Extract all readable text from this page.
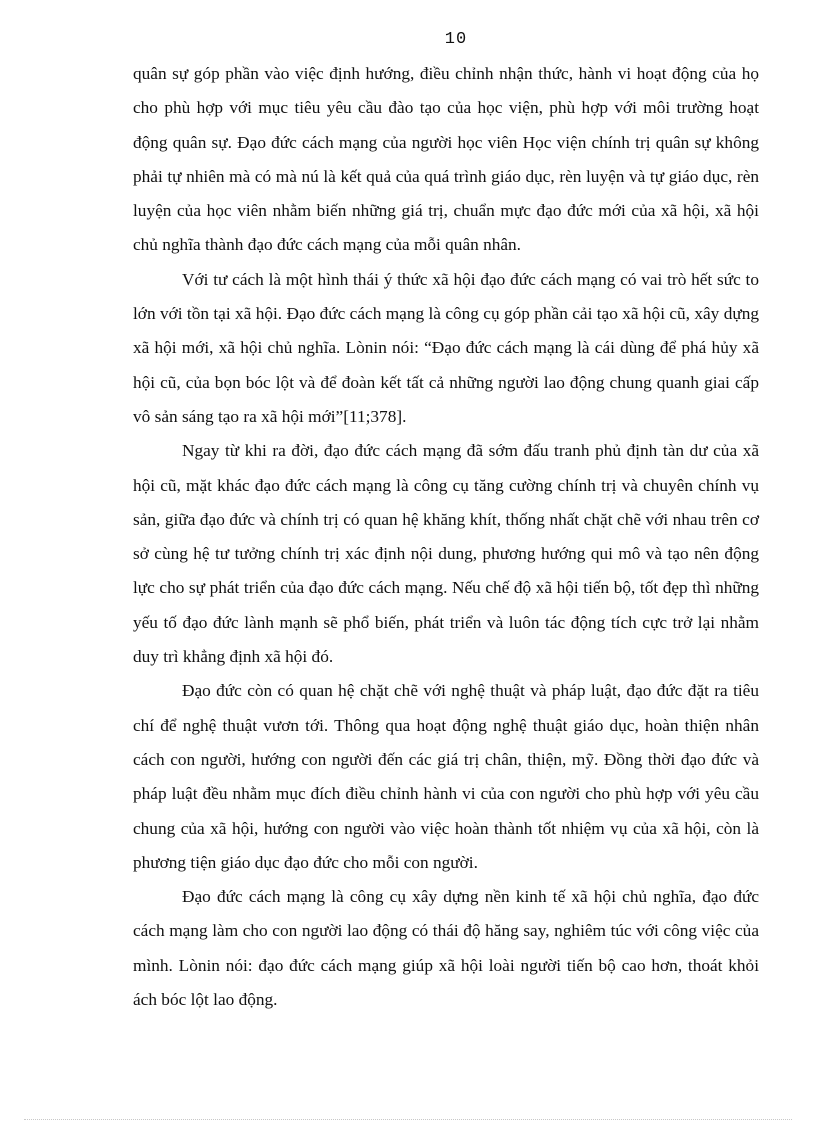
10

quân sự góp phần vào việc định hướng, điều chỉnh nhận thức, hành vi hoạt động của họ cho phù hợp với mục tiêu yêu cầu đào tạo của học viện, phù hợp với môi trường hoạt động quân sự. Đạo đức cách mạng của người học viên Học viện chính trị quân sự không phải tự nhiên mà có mà nú là kết quả của quá trình giáo dục, rèn luyện và tự giáo dục, rèn luyện của học viên nhằm biến những giá trị, chuẩn mực đạo đức mới của xã hội, xã hội chủ nghĩa thành đạo đức cách mạng của mỗi quân nhân.

Với tư cách là một hình thái ý thức xã hội đạo đức cách mạng có vai trò hết sức to lớn với tồn tại xã hội. Đạo đức cách mạng là công cụ góp phần cải tạo xã hội cũ, xây dựng xã hội mới, xã hội chủ nghĩa. Lònin nói: “Đạo đức cách mạng là cái dùng để phá hủy xã hội cũ, của bọn bóc lột và để đoàn kết tất cả những người lao động chung quanh giai cấp vô sản sáng tạo ra xã hội mới”[11;378].

Ngay từ khi ra đời, đạo đức cách mạng đã sớm đấu tranh phủ định tàn dư của xã hội cũ, mặt khác đạo đức cách mạng là công cụ tăng cường chính trị và chuyên chính vụ sản, giữa đạo đức và chính trị có quan hệ khăng khít, thống nhất chặt chẽ với nhau trên cơ sở cùng hệ tư tưởng chính trị xác định nội dung, phương hướng qui mô và tạo nên động lực cho sự phát triển của đạo đức cách mạng. Nếu chế độ xã hội tiến bộ, tốt đẹp thì những yếu tố đạo đức lành mạnh sẽ phổ biến, phát triển và luôn tác động tích cực trở lại nhằm duy trì khẳng định xã hội đó.

Đạo đức còn có quan hệ chặt chẽ với nghệ thuật và pháp luật, đạo đức đặt ra tiêu chí để nghệ thuật vươn tới. Thông qua hoạt động nghệ thuật giáo dục, hoàn thiện nhân cách con người, hướng con người đến các giá trị chân, thiện, mỹ. Đồng thời đạo đức và pháp luật đều nhằm mục đích điều chỉnh hành vi của con người cho phù hợp với yêu cầu chung của xã hội, hướng con người vào việc hoàn thành tốt nhiệm vụ của xã hội, còn là phương tiện giáo dục đạo đức cho mỗi con người.

Đạo đức cách mạng là công cụ xây dựng nền kinh tế xã hội chủ nghĩa, đạo đức cách mạng làm cho con người lao động có thái độ hăng say, nghiêm túc với công việc của mình. Lònin nói: đạo đức cách mạng giúp xã hội loài người tiến bộ cao hơn, thoát khỏi ách bóc lột lao động.
